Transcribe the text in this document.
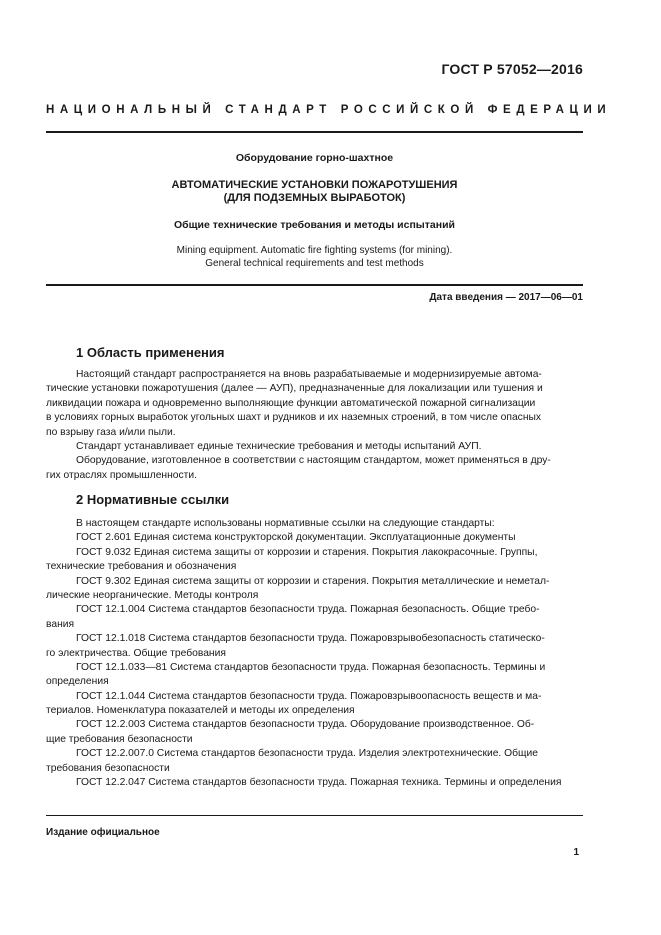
ГОСТ Р 57052—2016
НАЦИОНАЛЬНЫЙ СТАНДАРТ РОССИЙСКОЙ ФЕДЕРАЦИИ
Оборудование горно-шахтное
АВТОМАТИЧЕСКИЕ УСТАНОВКИ ПОЖАРОТУШЕНИЯ
(ДЛЯ ПОДЗЕМНЫХ ВЫРАБОТОК)
Общие технические требования и методы испытаний
Mining equipment. Automatic fire fighting systems (for mining).
General technical requirements and test methods
Дата введения — 2017—06—01
1 Область применения
Настоящий стандарт распространяется на вновь разрабатываемые и модернизируемые автома-
тические установки пожаротушения (далее — АУП), предназначенные для локализации или тушения и
ликвидации пожара и одновременно выполняющие функции автоматической пожарной сигнализации
в условиях горных выработок угольных шахт и рудников и их наземных строений, в том числе опасных
по взрыву газа и/или пыли.
Стандарт устанавливает единые технические требования и методы испытаний АУП.
Оборудование, изготовленное в соответствии с настоящим стандартом, может применяться в дру-
гих отраслях промышленности.
2 Нормативные ссылки
В настоящем стандарте использованы нормативные ссылки на следующие стандарты:
ГОСТ 2.601 Единая система конструкторской документации. Эксплуатационные документы
ГОСТ 9.032 Единая система защиты от коррозии и старения. Покрытия лакокрасочные. Группы,
технические требования и обозначения
ГОСТ 9.302 Единая система защиты от коррозии и старения. Покрытия металлические и неметал-
лические неорганические. Методы контроля
ГОСТ 12.1.004 Система стандартов безопасности труда. Пожарная безопасность. Общие требо-
вания
ГОСТ 12.1.018 Система стандартов безопасности труда. Пожаровзрывобезопасность статическо-
го электричества. Общие требования
ГОСТ 12.1.033—81 Система стандартов безопасности труда. Пожарная безопасность. Термины и
определения
ГОСТ 12.1.044 Система стандартов безопасности труда. Пожаровзрывоопасность веществ и ма-
териалов. Номенклатура показателей и методы их определения
ГОСТ 12.2.003 Система стандартов безопасности труда. Оборудование производственное. Об-
щие требования безопасности
ГОСТ 12.2.007.0 Система стандартов безопасности труда. Изделия электротехнические. Общие
требования безопасности
ГОСТ 12.2.047 Система стандартов безопасности труда. Пожарная техника. Термины и определения
Издание официальное
1
